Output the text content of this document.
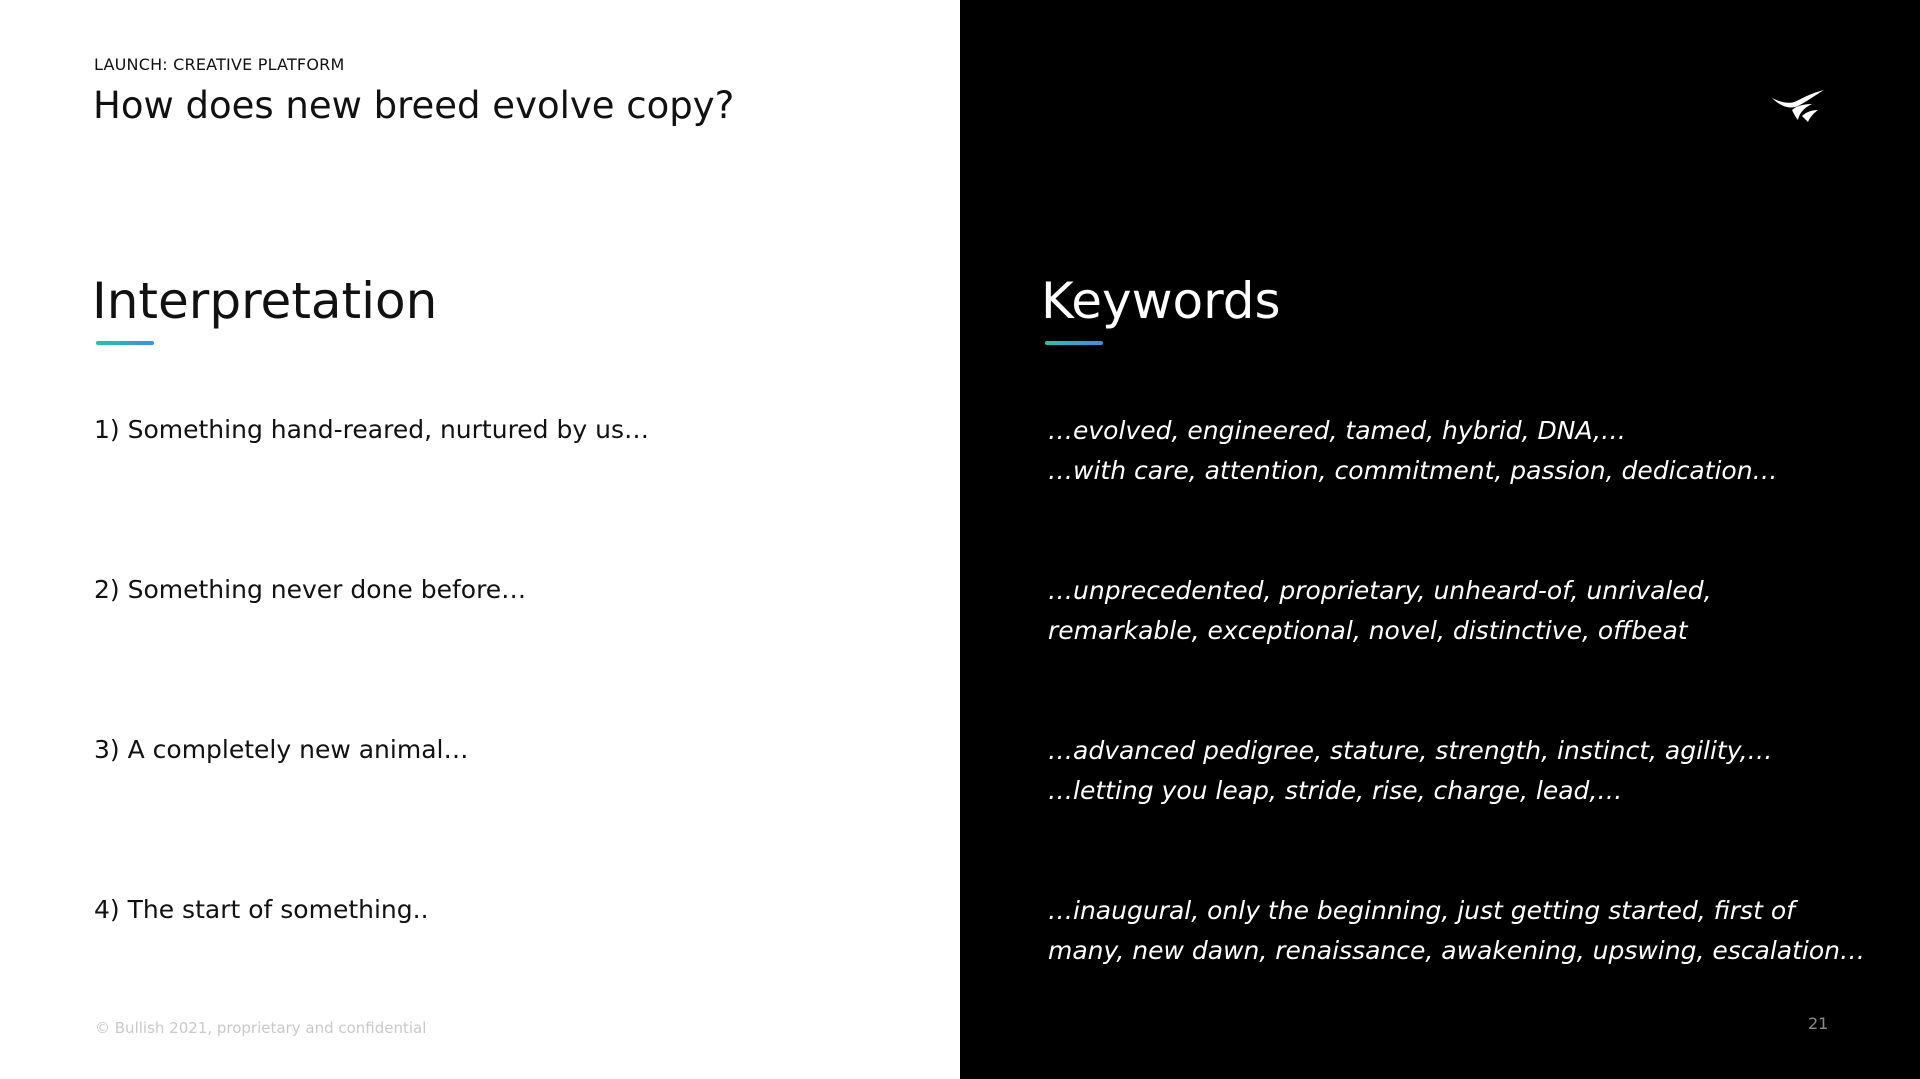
LAUNCH: CREATIVE PLATFORM
How does new breed evolve copy?
Interpretation
1) Something hand-reared, nurtured by us…
2) Something never done before…
3) A completely new animal…
4) The start of something..
© Bullish 2021, proprietary and confidential
Keywords
…evolved, engineered, tamed, hybrid, DNA,…
…with care, attention, commitment, passion, dedication…
…unprecedented, proprietary, unheard-of, unrivaled,
remarkable, exceptional, novel, distinctive, offbeat
…advanced pedigree, stature, strength, instinct, agility,…
…letting you leap, stride, rise, charge, lead,…
…inaugural, only the beginning, just getting started, first of
many, new dawn, renaissance, awakening, upswing, escalation…
21
